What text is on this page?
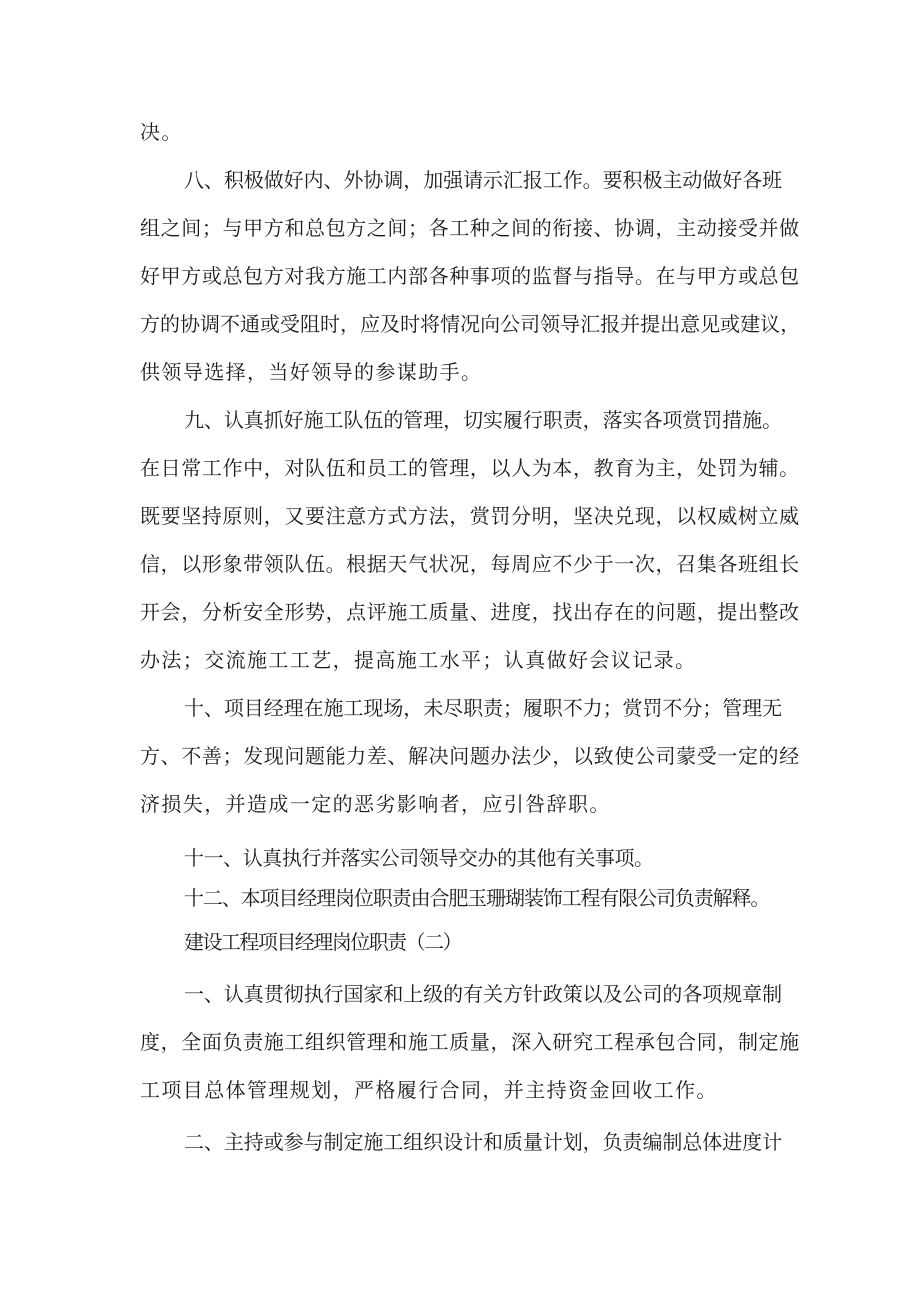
决。
八、积极做好内、外协调，加强请示汇报工作。要积极主动做好各班
组之间；与甲方和总包方之间；各工种之间的衔接、协调，主动接受并做
好甲方或总包方对我方施工内部各种事项的监督与指导。在与甲方或总包
方的协调不通或受阻时，应及时将情况向公司领导汇报并提出意见或建议，
供领导选择，当好领导的参谋助手。
九、认真抓好施工队伍的管理，切实履行职责，落实各项赏罚措施。
在日常工作中，对队伍和员工的管理，以人为本，教育为主，处罚为辅。
既要坚持原则，又要注意方式方法，赏罚分明，坚决兑现，以权威树立威
信，以形象带领队伍。根据天气状况，每周应不少于一次，召集各班组长
开会，分析安全形势，点评施工质量、进度，找出存在的问题，提出整改
办法；交流施工工艺，提高施工水平；认真做好会议记录。
十、项目经理在施工现场，未尽职责；履职不力；赏罚不分；管理无
方、不善；发现问题能力差、解决问题办法少，以致使公司蒙受一定的经
济损失，并造成一定的恶劣影响者，应引咎辞职。
十一、认真执行并落实公司领导交办的其他有关事项。
十二、本项目经理岗位职责由合肥玉珊瑚装饰工程有限公司负责解释。
建设工程项目经理岗位职责（二）
一、认真贯彻执行国家和上级的有关方针政策以及公司的各项规章制
度，全面负责施工组织管理和施工质量，深入研究工程承包合同，制定施
工项目总体管理规划，严格履行合同，并主持资金回收工作。
二、主持或参与制定施工组织设计和质量计划，负责编制总体进度计
